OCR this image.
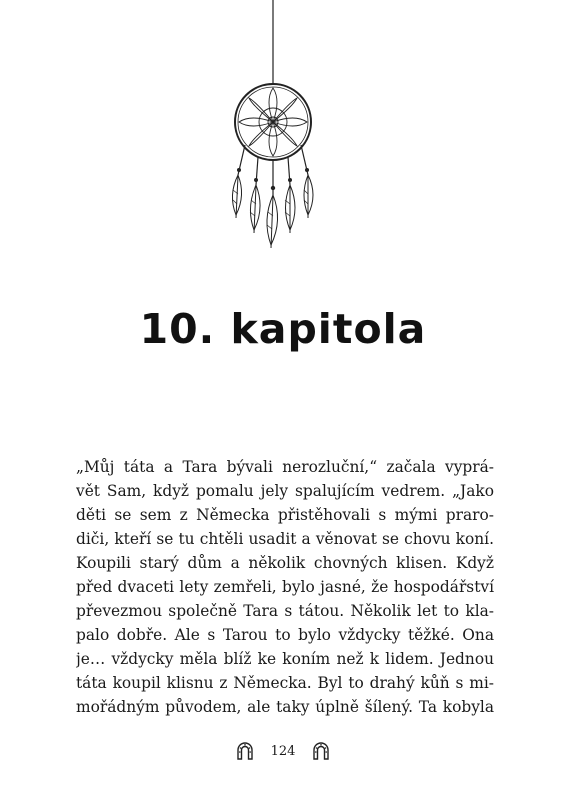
10. kapitola
„Můj táta a Tara bývali nerozluční,“ začala vyprá-
vět Sam, když pomalu jely spalujícím vedrem. „Jako
děti se sem z Německa přistěhovali s mými praro-
diči, kteří se tu chtěli usadit a věnovat se chovu koní.
Koupili starý dům a několik chovných klisen. Když
před dvaceti lety zemřeli, bylo jasné, že hospodářství
převezmou společně Tara s tátou. Několik let to kla-
palo dobře. Ale s Tarou to bylo vždycky těžké. Ona
je… vždycky měla blíž ke koním než k lidem. Jednou
táta koupil klisnu z Německa. Byl to drahý kůň s mi-
mořádným původem, ale taky úplně šílený. Ta kobyla
124
